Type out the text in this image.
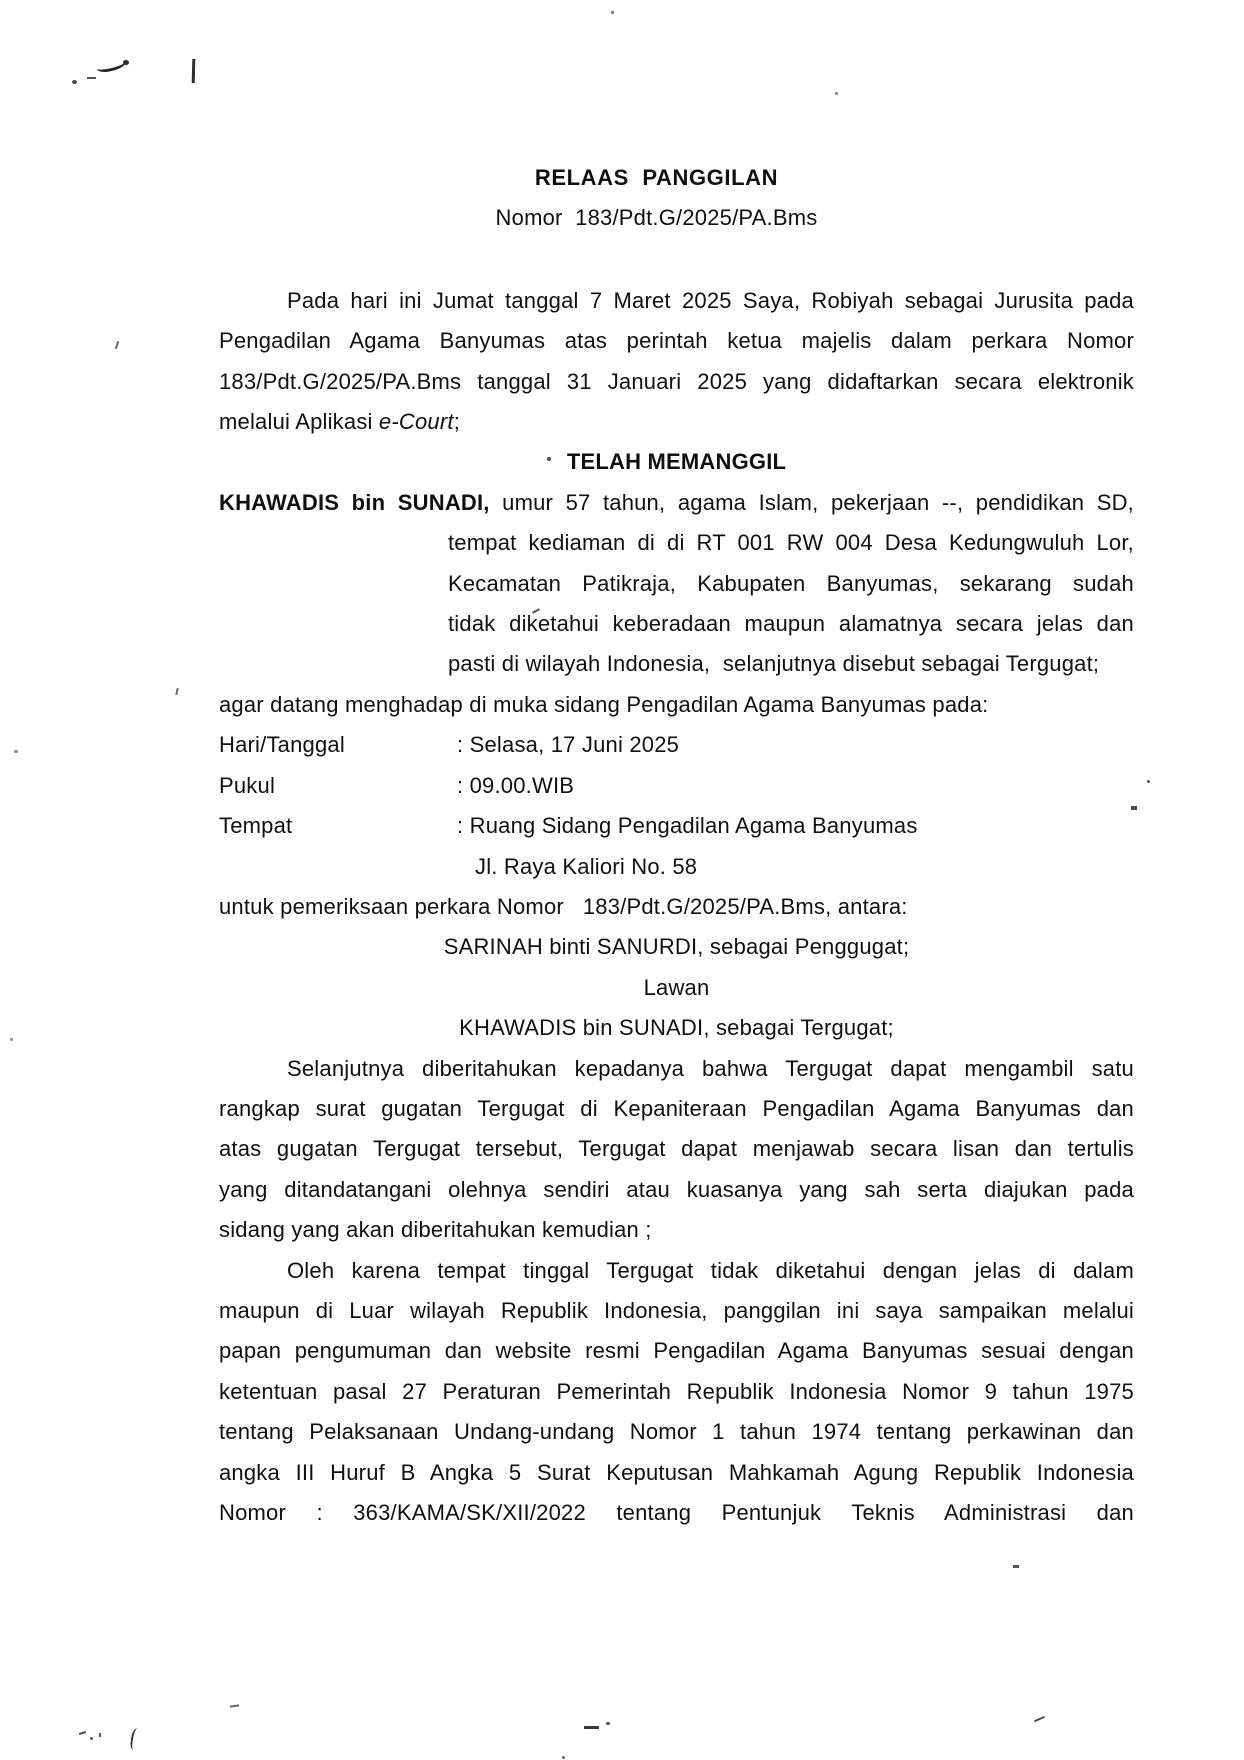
RELAAS  PANGGILAN
Nomor  183/Pdt.G/2025/PA.Bms
Pada hari ini Jumat tanggal 7 Maret 2025 Saya, Robiyah sebagai Jurusita pada
Pengadilan Agama Banyumas atas perintah ketua majelis dalam perkara Nomor
183/Pdt.G/2025/PA.Bms tanggal 31 Januari 2025 yang didaftarkan secara elektronik
melalui Aplikasi e-Court;
TELAH MEMANGGIL
KHAWADIS bin SUNADI, umur 57 tahun, agama Islam, pekerjaan --, pendidikan SD,
tempat kediaman di di RT 001 RW 004 Desa Kedungwuluh Lor,
Kecamatan Patikraja, Kabupaten Banyumas, sekarang sudah
tidak diketahui keberadaan maupun alamatnya secara jelas dan
pasti di wilayah Indonesia,  selanjutnya disebut sebagai Tergugat;
agar datang menghadap di muka sidang Pengadilan Agama Banyumas pada:
Hari/Tanggal	: Selasa, 17 Juni 2025
Pukul	: 09.00.WIB
Tempat	: Ruang Sidang Pengadilan Agama Banyumas
Jl. Raya Kaliori No. 58
untuk pemeriksaan perkara Nomor   183/Pdt.G/2025/PA.Bms, antara:
SARINAH binti SANURDI, sebagai Penggugat;
Lawan
KHAWADIS bin SUNADI, sebagai Tergugat;
Selanjutnya diberitahukan kepadanya bahwa Tergugat dapat mengambil satu
rangkap surat gugatan Tergugat di Kepaniteraan Pengadilan Agama Banyumas dan
atas gugatan Tergugat tersebut, Tergugat dapat menjawab secara lisan dan tertulis
yang ditandatangani olehnya sendiri atau kuasanya yang sah serta diajukan pada
sidang yang akan diberitahukan kemudian ;
Oleh karena tempat tinggal Tergugat tidak diketahui dengan jelas di dalam
maupun di Luar wilayah Republik Indonesia, panggilan ini saya sampaikan melalui
papan pengumuman dan website resmi Pengadilan Agama Banyumas sesuai dengan
ketentuan pasal 27 Peraturan Pemerintah Republik Indonesia Nomor 9 tahun 1975
tentang Pelaksanaan Undang-undang Nomor 1 tahun 1974 tentang perkawinan dan
angka III Huruf B Angka 5 Surat Keputusan Mahkamah Agung Republik Indonesia
Nomor : 363/KAMA/SK/XII/2022 tentang Pentunjuk Teknis Administrasi dan
